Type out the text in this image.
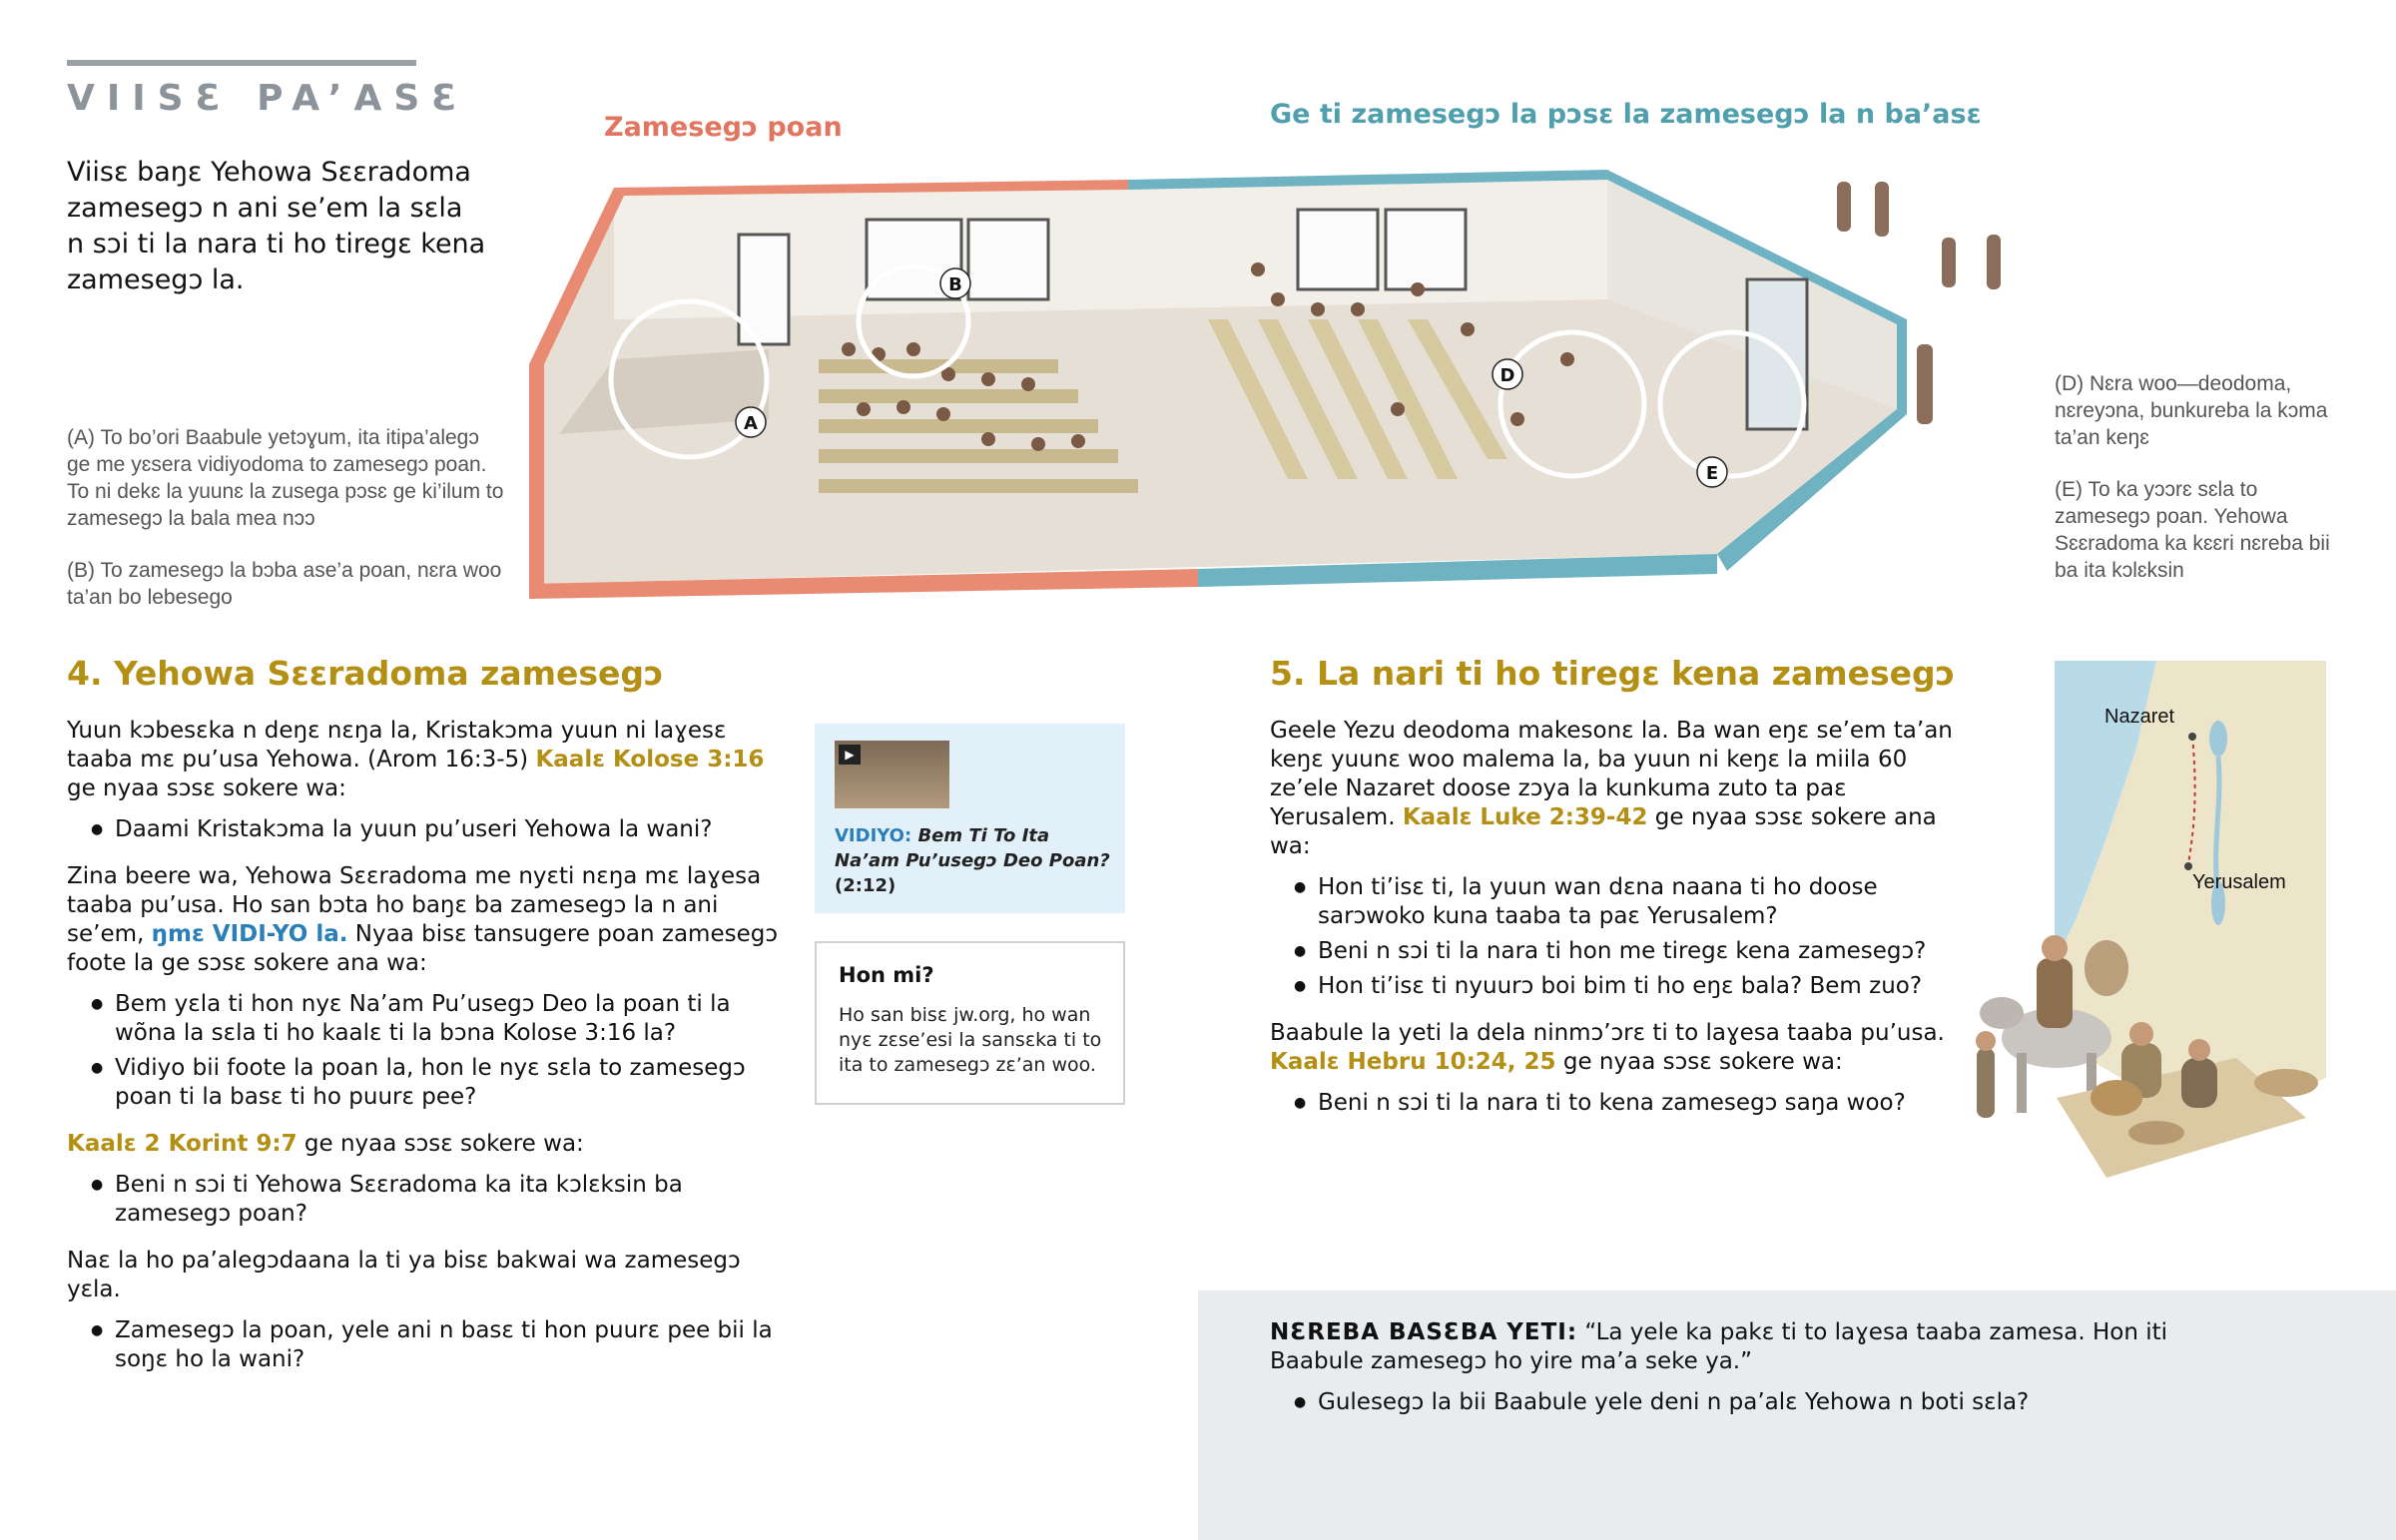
VIISƐ PA’ASƐ
Viisɛ baŋɛ Yehowa Sɛɛradoma zamesegɔ n ani se’em la sɛla n sɔi ti la nara ti ho tiregɛ kena zamesegɔ la.
Zamesegɔ poan	Ge ti zamesegɔ la pɔsɛ la zamesegɔ la n ba’asɛ
A
B
D
E
(A) To bo’ori Baabule yetɔɣum, ita itipa’alegɔ ge me yɛsera vidiyodoma to zamesegɔ poan. To ni dekɛ la yuunɛ la zusega pɔsɛ ge ki’ilum to zamesegɔ la bala mea nɔɔ
(B) To zamesegɔ la bɔba ase’a poan, nɛra woo ta’an bo lebesego
(D) Nɛra woo—deodoma, nɛreyɔna, bunkureba la kɔma ta’an keŋɛ
(E) To ka yɔɔrɛ sɛla to zamesegɔ poan. Yehowa Sɛɛradoma ka kɛɛri nɛreba bii ba ita kɔlɛksin
4. Yehowa Sɛɛradoma zamesegɔ

Yuun kɔbesɛka n deŋɛ nɛŋa la, Kristakɔma yuun ni laɣesɛ taaba mɛ pu’usa Yehowa. (Arom 16:3-5) Kaalɛ Kolose 3:16 ge nyaa sɔsɛ sokere wa:

● Daami Kristakɔma la yuun pu’useri Yehowa la wani?

Zina beere wa, Yehowa Sɛɛradoma me nyɛti nɛŋa mɛ laɣesa taaba pu’usa. Ho san bɔta ho baŋɛ ba zamesegɔ la n ani se’em, ŋmɛ VIDI-YO la. Nyaa bisɛ tansugere poan zamesegɔ foote la ge sɔsɛ sokere ana wa:

● Bem yɛla ti hon nyɛ Na’am Pu’usegɔ Deo la poan ti la wõna la sɛla ti ho kaalɛ ti la bɔna Kolose 3:16 la?
● Vidiyo bii foote la poan la, hon le nyɛ sɛla to zamesegɔ poan ti la basɛ ti ho puurɛ pee?

Kaalɛ 2 Korint 9:7 ge nyaa sɔsɛ sokere wa:

● Beni n sɔi ti Yehowa Sɛɛradoma ka ita kɔlɛksin ba zamesegɔ poan?

Naɛ la ho pa’alegɔdaana la ti ya bisɛ bakwai wa zamesegɔ yɛla.

● Zamesegɔ la poan, yele ani n basɛ ti hon puurɛ pee bii la soŋɛ ho la wani?
▶
VIDIYO: Bem Ti To Ita Na’am Pu’usegɔ Deo Poan? (2:12)
Hon mi?
Ho san bisɛ jw.org, ho wan nyɛ zɛse’esi la sansɛka ti to ita to zamesegɔ zɛ’an woo.
5. La nari ti ho tiregɛ kena zamesegɔ

Geele Yezu deodoma makesonɛ la. Ba wan eŋɛ se’em ta’an keŋɛ yuunɛ woo malema la, ba yuun ni keŋɛ la miila 60 ze’ele Nazaret doose zɔya la kunkuma zuto ta paɛ Yerusalem. Kaalɛ Luke 2:39-42 ge nyaa sɔsɛ sokere ana wa:

● Hon ti’isɛ ti, la yuun wan dɛna naana ti ho doose sarɔwoko kuna taaba ta paɛ Yerusalem?
● Beni n sɔi ti la nara ti hon me tiregɛ kena zamesegɔ?
● Hon ti’isɛ ti nyuurɔ boi bim ti ho eŋɛ bala? Bem zuo?

Baabule la yeti la dela ninmɔ’ɔrɛ ti to laɣesa taaba pu’usa. Kaalɛ Hebru 10:24, 25 ge nyaa sɔsɛ sokere wa:

● Beni n sɔi ti la nara ti to kena zamesegɔ saŋa woo?
Nazaret
Yerusalem

NƐREBA BASƐBA YETI: “La yele ka pakɛ ti to laɣesa taaba zamesa. Hon iti Baabule zamesegɔ ho yire ma’a seke ya.”

● Gulesegɔ la bii Baabule yele deni n pa’alɛ Yehowa n boti sɛla?
